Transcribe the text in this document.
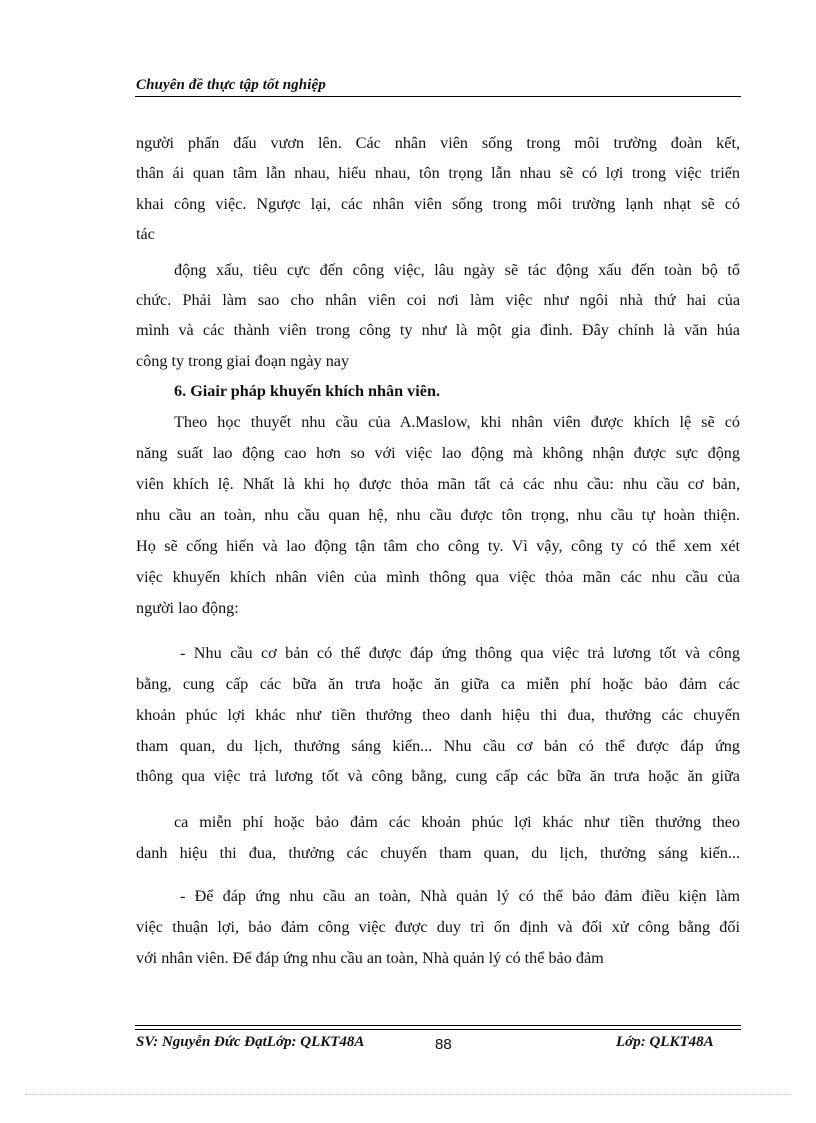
Chuyên đề thực tập tốt nghiệp
người phấn đấu vươn lên. Các nhân viên sống trong môi trường đoàn kết,
thân ái quan tâm lẫn nhau, hiểu nhau, tôn trọng lẫn nhau sẽ có lợi trong việc triển
khai công việc. Ngược lại, các nhân viên sống trong môi trường lạnh nhạt sẽ có
tác
động xấu, tiêu cực đến công việc, lâu ngày sẽ tác động xấu đến toàn bộ tổ
chức. Phải làm sao cho nhân viên coi nơi làm việc như ngôi nhà thứ hai của
mình và các thành viên trong công ty như là một gia đình. Đây chính là văn húa
công ty trong giai đoạn ngày nay
6. Giair pháp khuyến khích nhân viên.
Theo học thuyết nhu cầu của A.Maslow, khi nhân viên được khích lệ sẽ có
năng suất lao động cao hơn so với việc lao động mà không nhận được sực động
viên khích lệ. Nhất là khi họ được thỏa mãn tất cả các nhu cầu: nhu cầu cơ bản,
nhu cầu an toàn, nhu cầu quan hệ, nhu cầu được tôn trọng, nhu cầu tự hoàn thiện.
Họ sẽ cống hiến và lao động tận tâm cho công ty. Vì vậy, công ty có thể xem xét
việc khuyến khích nhân viên của mình thông qua việc thỏa mãn các nhu cầu của
người lao động:
- Nhu cầu cơ bản có thể được đáp ứng thông qua việc trả lương tốt và công
bằng, cung cấp các bữa ăn trưa hoặc ăn giữa ca miễn phí hoặc bảo đảm các
khoản phúc lợi khác như tiền thưởng theo danh hiệu thi đua, thưởng các chuyến
tham quan, du lịch, thưởng sáng kiến... Nhu cầu cơ bản có thể được đáp ứng
thông qua việc trả lương tốt và công bằng, cung cấp các bữa ăn trưa hoặc ăn giữa
ca miễn phí hoặc bảo đảm các khoản phúc lợi khác như tiền thưởng theo
danh hiệu thi đua, thưởng các chuyến tham quan, du lịch, thưởng sáng kiến...
- Để đáp ứng nhu cầu an toàn, Nhà quản lý có thể bảo đảm điều kiện làm
việc thuận lợi, bảo đảm công việc được duy trì ổn định và đối xử công bằng đối
với nhân viên. Để đáp ứng nhu cầu an toàn, Nhà quản lý có thể bảo đảm
SV: Nguyễn Đức ĐạtLớp: QLKT48A	88	Lớp: QLKT48A
